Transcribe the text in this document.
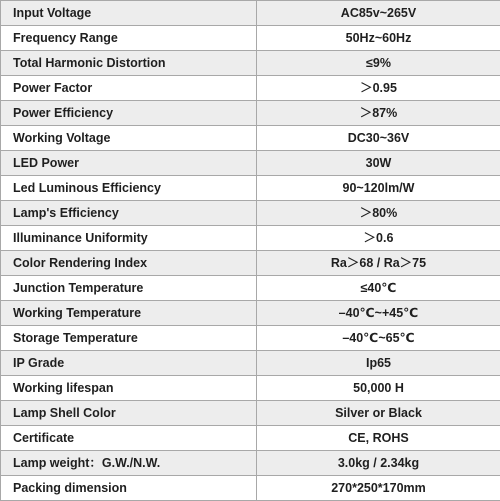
Input Voltage	AC85v~265V
Frequency Range	50Hz~60Hz
Total Harmonic Distortion	≤9%
Power Factor	＞0.95
Power Efficiency	＞87%
Working Voltage	DC30~36V
LED Power	30W
Led Luminous Efficiency	90~120lm/W
Lamp's Efficiency	＞80%
Illuminance Uniformity	＞0.6
Color Rendering Index	Ra＞68 / Ra＞75
Junction Temperature	≤40℃
Working Temperature	–40℃~+45℃
Storage Temperature	–40℃~65℃
IP Grade	Ip65
Working lifespan	50,000 H
Lamp Shell Color	Silver or Black
Certificate	CE, ROHS
Lamp weight：G.W./N.W.	3.0kg / 2.34kg
Packing dimension	270*250*170mm
